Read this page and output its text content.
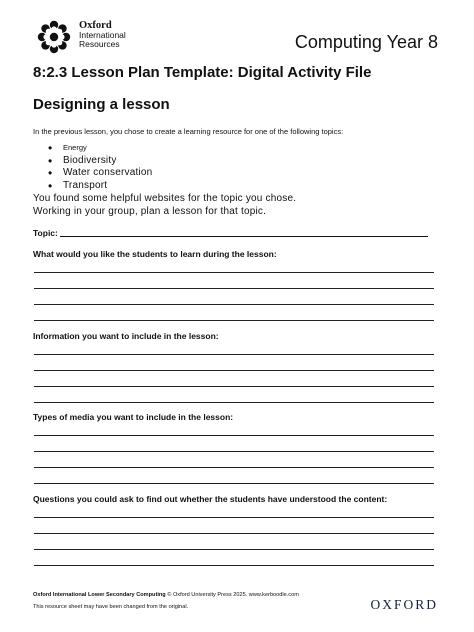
Oxford
International
Resources	Computing Year 8
8:2.3 Lesson Plan Template: Digital Activity File
Designing a lesson
In the previous lesson, you chose to create a learning resource for one of the following topics:
• Energy
• Biodiversity
• Water conservation
• Transport
You found some helpful websites for the topic you chose.
Working in your group, plan a lesson for that topic.
Topic:
What would you like the students to learn during the lesson:
Information you want to include in the lesson:
Types of media you want to include in the lesson:
Questions you could ask to find out whether the students have understood the content:
Oxford International Lower Secondary Computing © Oxford University Press 2025. www.kerboodle.com
This resource sheet may have been changed from the original.	OXFORD
